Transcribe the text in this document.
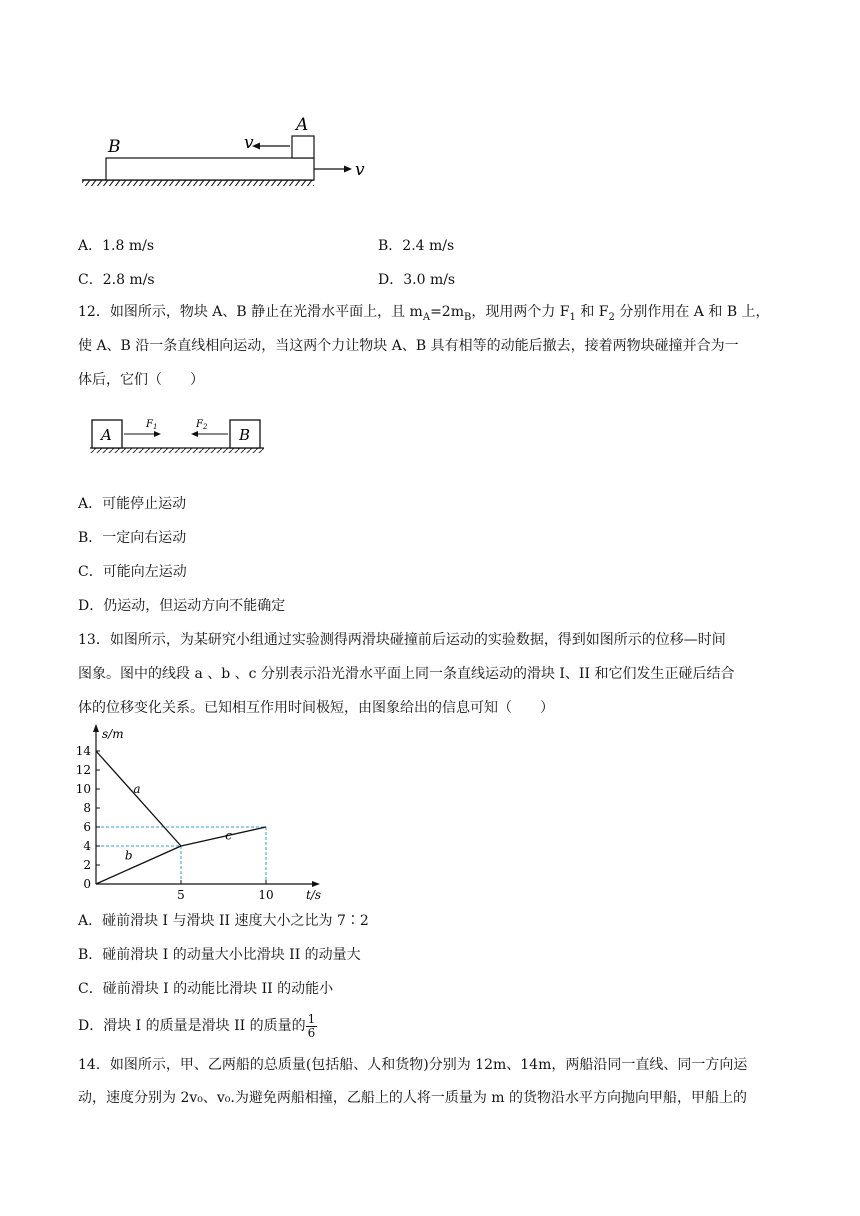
B
A
v
v
A．1.8 m/s	B．2.4 m/s
C．2.8 m/s	D．3.0 m/s
12．如图所示，物块 A、B 静止在光滑水平面上，且 $m_A=2m_B$，现用两个力 $F_1$ 和 $F_2$ 分别作用在 A 和 B 上，
使 A、B 沿一条直线相向运动，当这两个力让物块 A、B 具有相等的动能后撤去，接着两物块碰撞并合为一
体后，它们（　　）
A	B
$F_1$	$F_2$
A．可能停止运动
B．一定向右运动
C．可能向左运动
D．仍运动，但运动方向不能确定
13．如图所示，为某研究小组通过实验测得两滑块碰撞前后运动的实验数据，得到如图所示的位移—时间
图象。图中的线段 a 、b 、c 分别表示沿光滑水平面上同一条直线运动的滑块 I、II 和它们发生正碰后结合
体的位移变化关系。已知相互作用时间极短，由图象给出的信息可知（　　）
0
2
4
6
8
10
12
14
5	10
s/m
t/s
a
b
c
A．碰前滑块 I 与滑块 II 速度大小之比为 7∶2
B．碰前滑块 I 的动量大小比滑块 II 的动量大
C．碰前滑块 I 的动能比滑块 II 的动能小
D．滑块 I 的质量是滑块 II 的质量的 $\frac{1}{6}$
14．如图所示，甲、乙两船的总质量(包括船、人和货物)分别为 12m、14m，两船沿同一直线、同一方向运
动，速度分别为 2v₀、v₀.为避免两船相撞，乙船上的人将一质量为 m 的货物沿水平方向抛向甲船，甲船上的
